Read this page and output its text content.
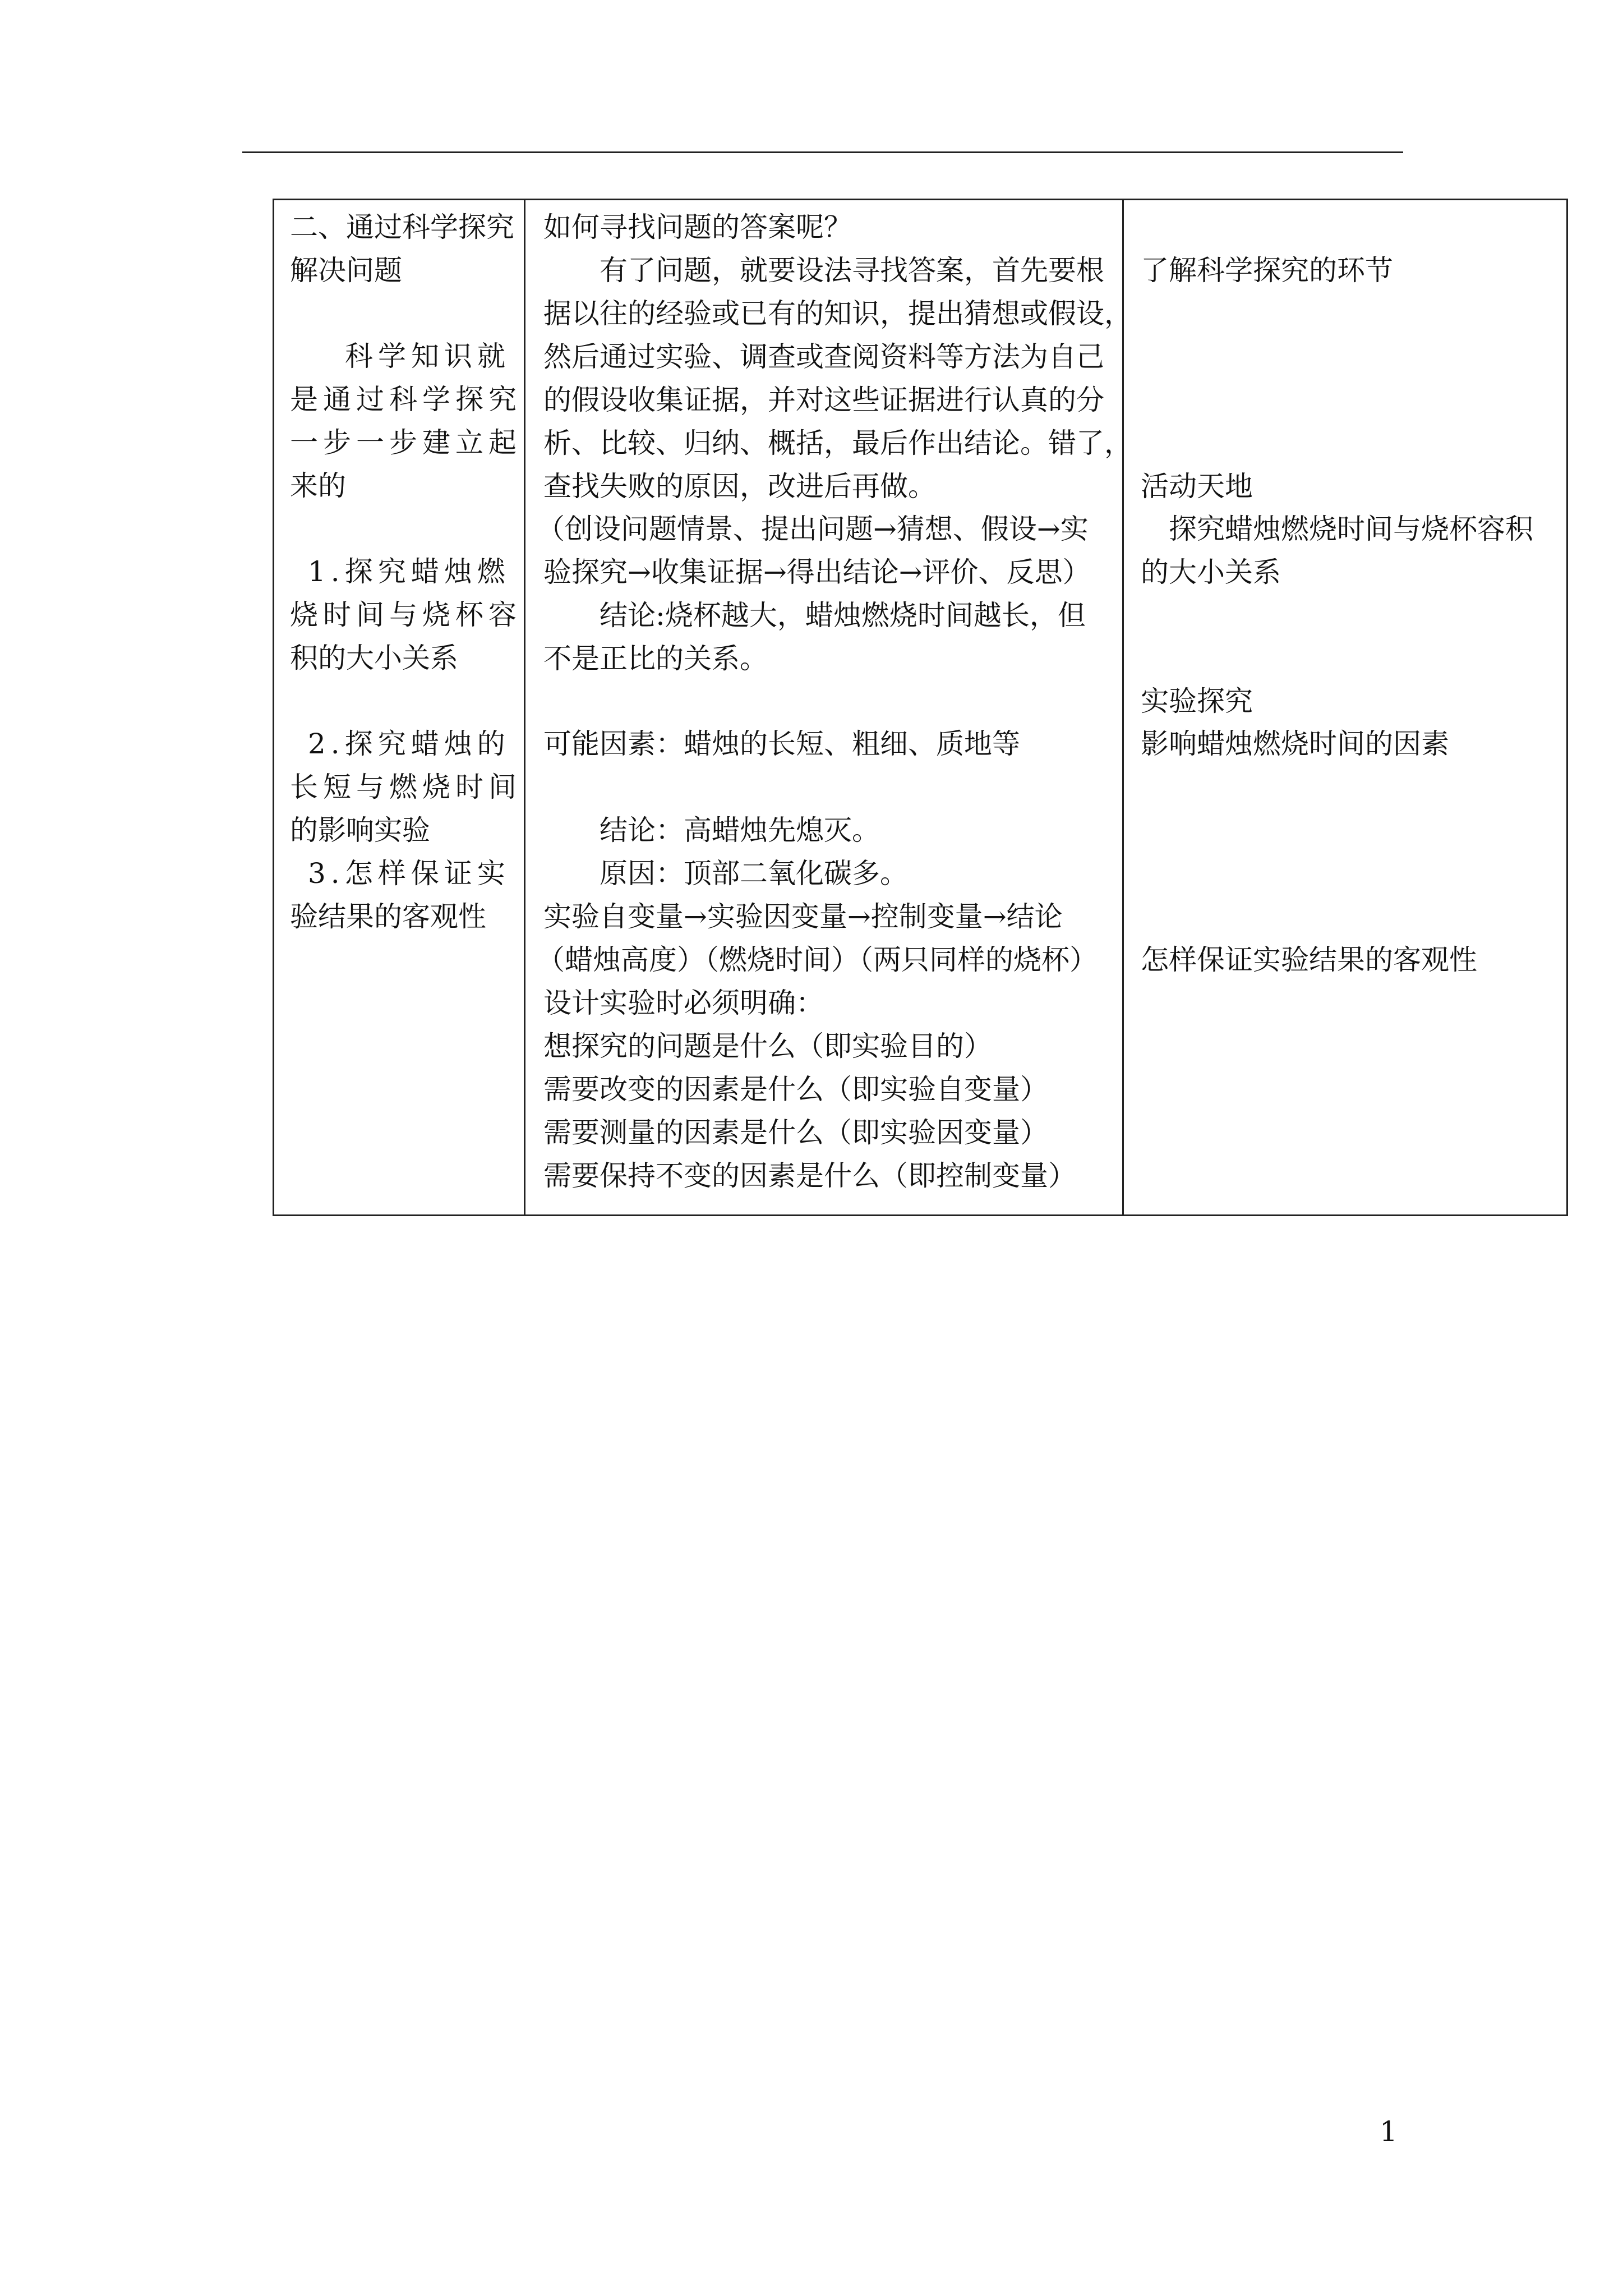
二、通过科学探究
解决问题
科学知识就
是通过科学探究
一步一步建立起
来的
1.探究蜡烛燃
烧时间与烧杯容
积的大小关系
2.探究蜡烛的
长短与燃烧时间
的影响实验
3.怎样保证实
验结果的客观性
如何寻找问题的答案呢？
有了问题，就要设法寻找答案，首先要根
据以往的经验或已有的知识，提出猜想或假设，
然后通过实验、调查或查阅资料等方法为自己
的假设收集证据，并对这些证据进行认真的分
析、比较、归纳、概括，最后作出结论。错了，
查找失败的原因，改进后再做。
（创设问题情景、提出问题→猜想、假设→实
验探究→收集证据→得出结论→评价、反思）
结论:烧杯越大，蜡烛燃烧时间越长，但
不是正比的关系。
可能因素：蜡烛的长短、粗细、质地等
结论：高蜡烛先熄灭。
原因：顶部二氧化碳多。
实验自变量→实验因变量→控制变量→结论
（蜡烛高度）（燃烧时间）（两只同样的烧杯）
设计实验时必须明确：
想探究的问题是什么（即实验目的）
需要改变的因素是什么（即实验自变量）
需要测量的因素是什么（即实验因变量）
需要保持不变的因素是什么（即控制变量）
了解科学探究的环节
活动天地
探究蜡烛燃烧时间与烧杯容积
的大小关系
实验探究
影响蜡烛燃烧时间的因素
怎样保证实验结果的客观性
1
